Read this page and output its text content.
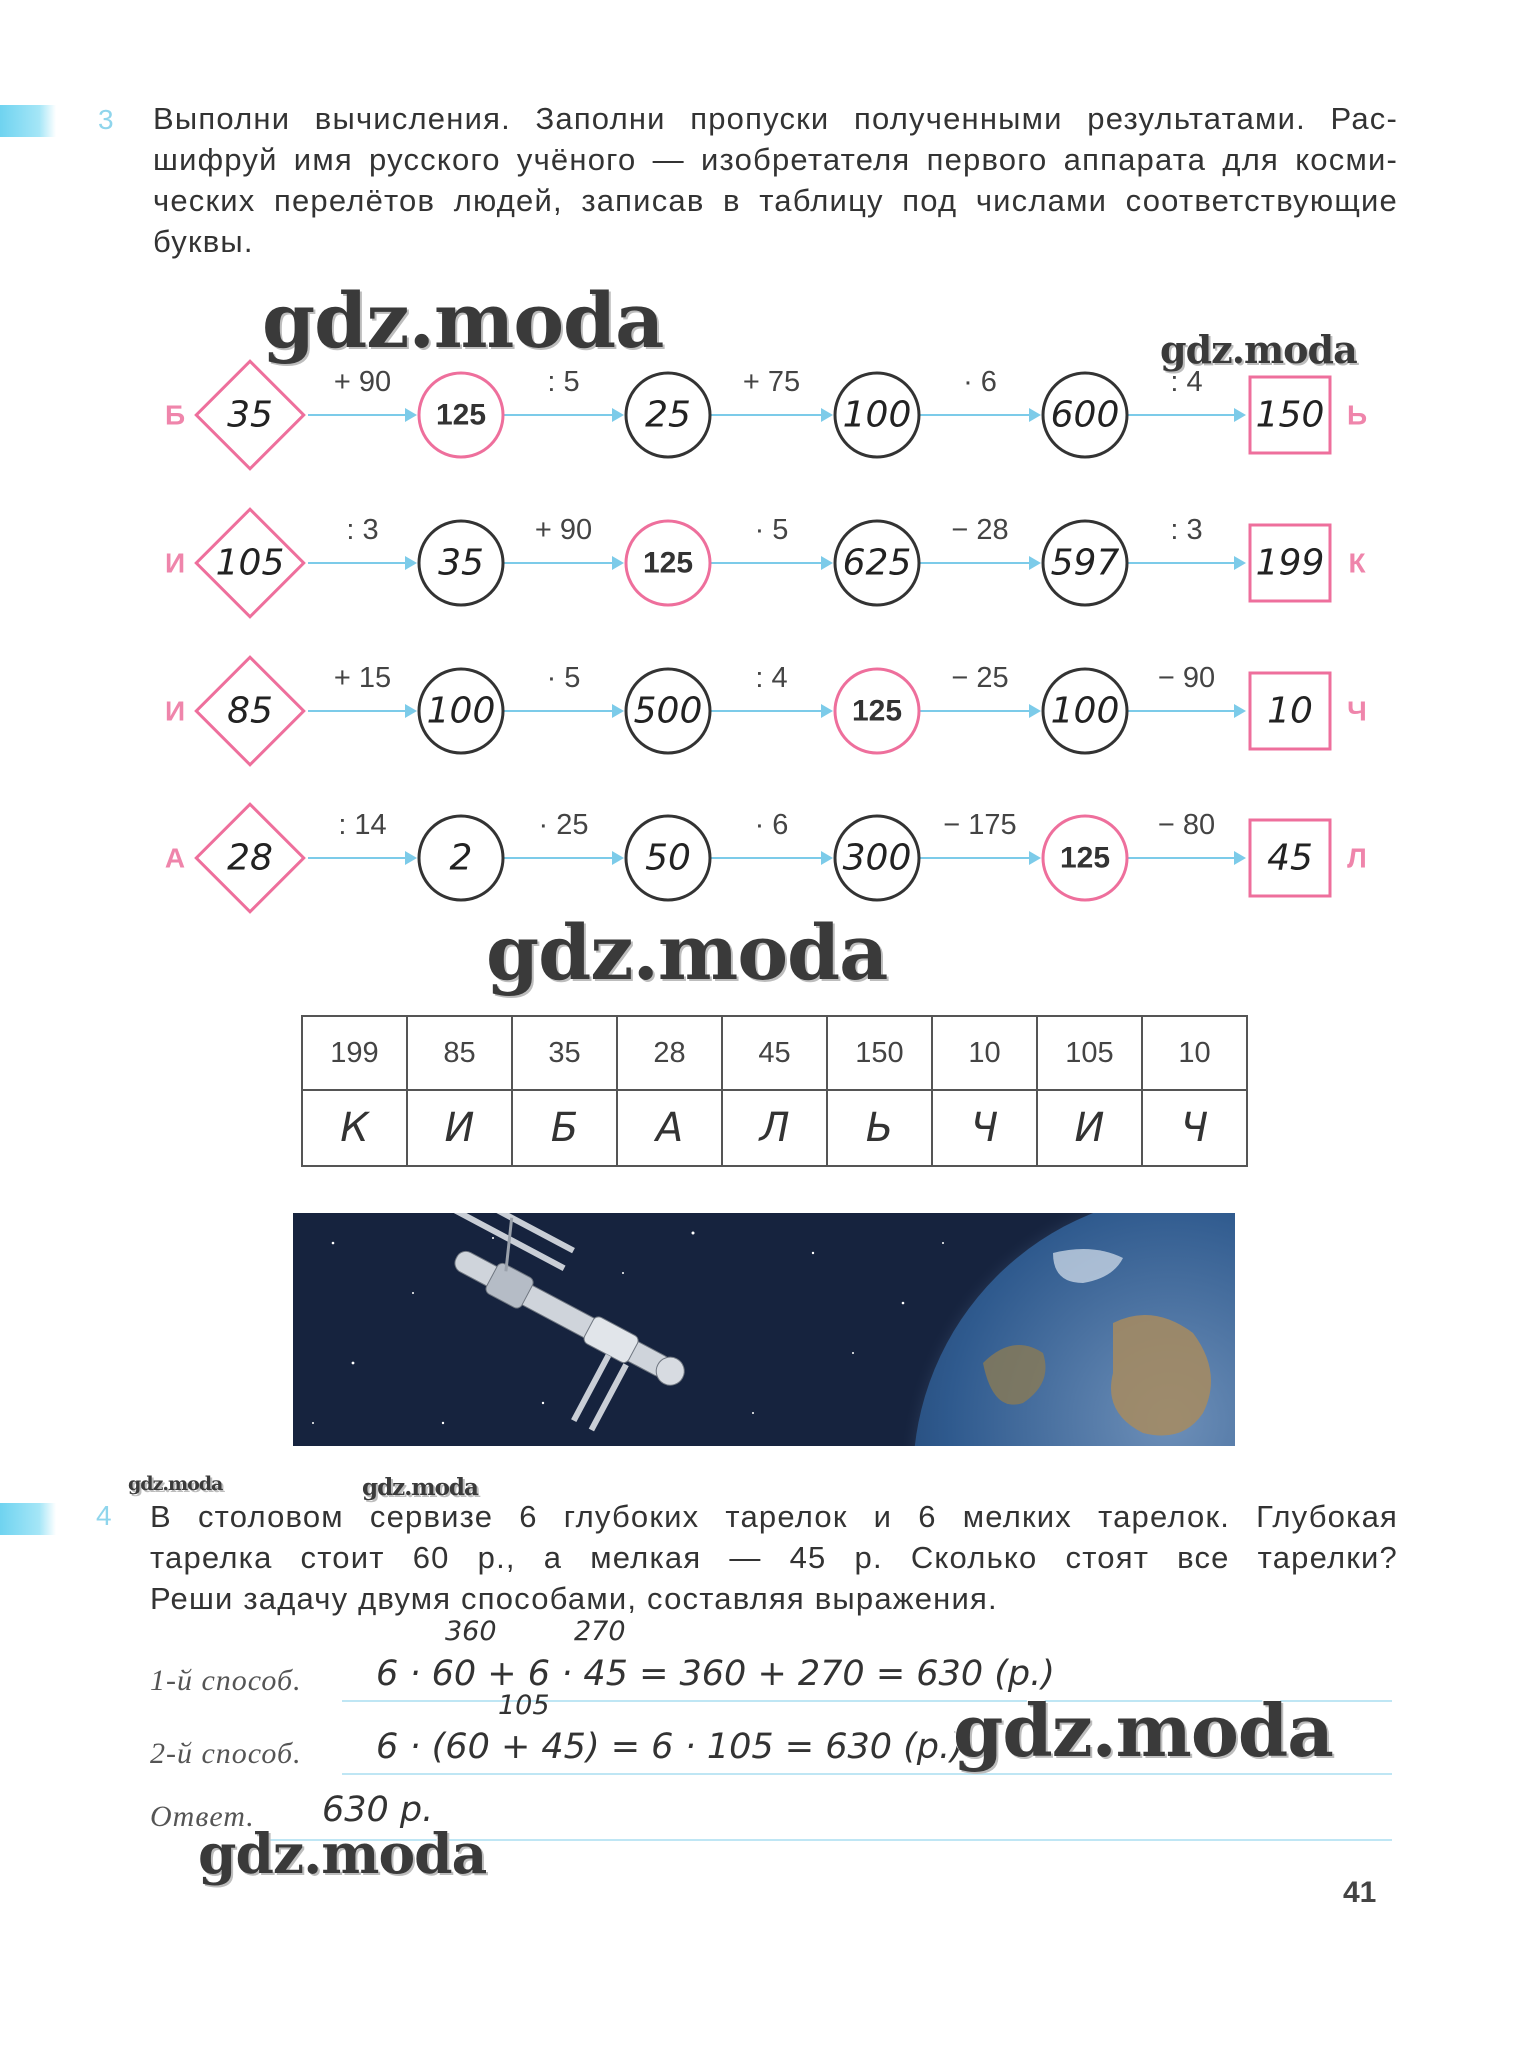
3 Выполни вычисления. Заполни пропуски полученными результатами. Рас-
шифруй имя русского учёного — изобретателя первого аппарата для косми-
ческих перелётов людей, записав в таблицу под числами соответствующие
буквы.
Б	Ь
+ 90	: 5	+ 75	· 6	: 4
35	125	25	100	600	150
И	К
: 3	+ 90	· 5	− 28	: 3
105	35	125	625	597	199
И	Ч
+ 15	· 5	: 4	− 25	− 90
85	100	500	125	100	10
А	Л
: 14	· 25	· 6	− 175	− 80
28	2	50	300	125	45
199	85	35	28	45	150	10	105	10
К	И	Б	А	Л	Ь	Ч	И	Ч
4 В столовом сервизе 6 глубоких тарелок и 6 мелких тарелок. Глубокая
тарелка стоит 60 р., а мелкая — 45 р. Сколько стоят все тарелки?
Реши задачу двумя способами, составляя выражения.
360	270
1-й способ. 6 · 60 + 6 · 45 = 360 + 270 = 630 (р.)
105
2-й способ. 6 · (60 + 45) = 6 · 105 = 630 (р.)
Ответ. 630 р.
41
gdz.moda	gdz.moda
gdz.moda
gdz.moda	gdz.moda
gdz.moda
gdz.moda
